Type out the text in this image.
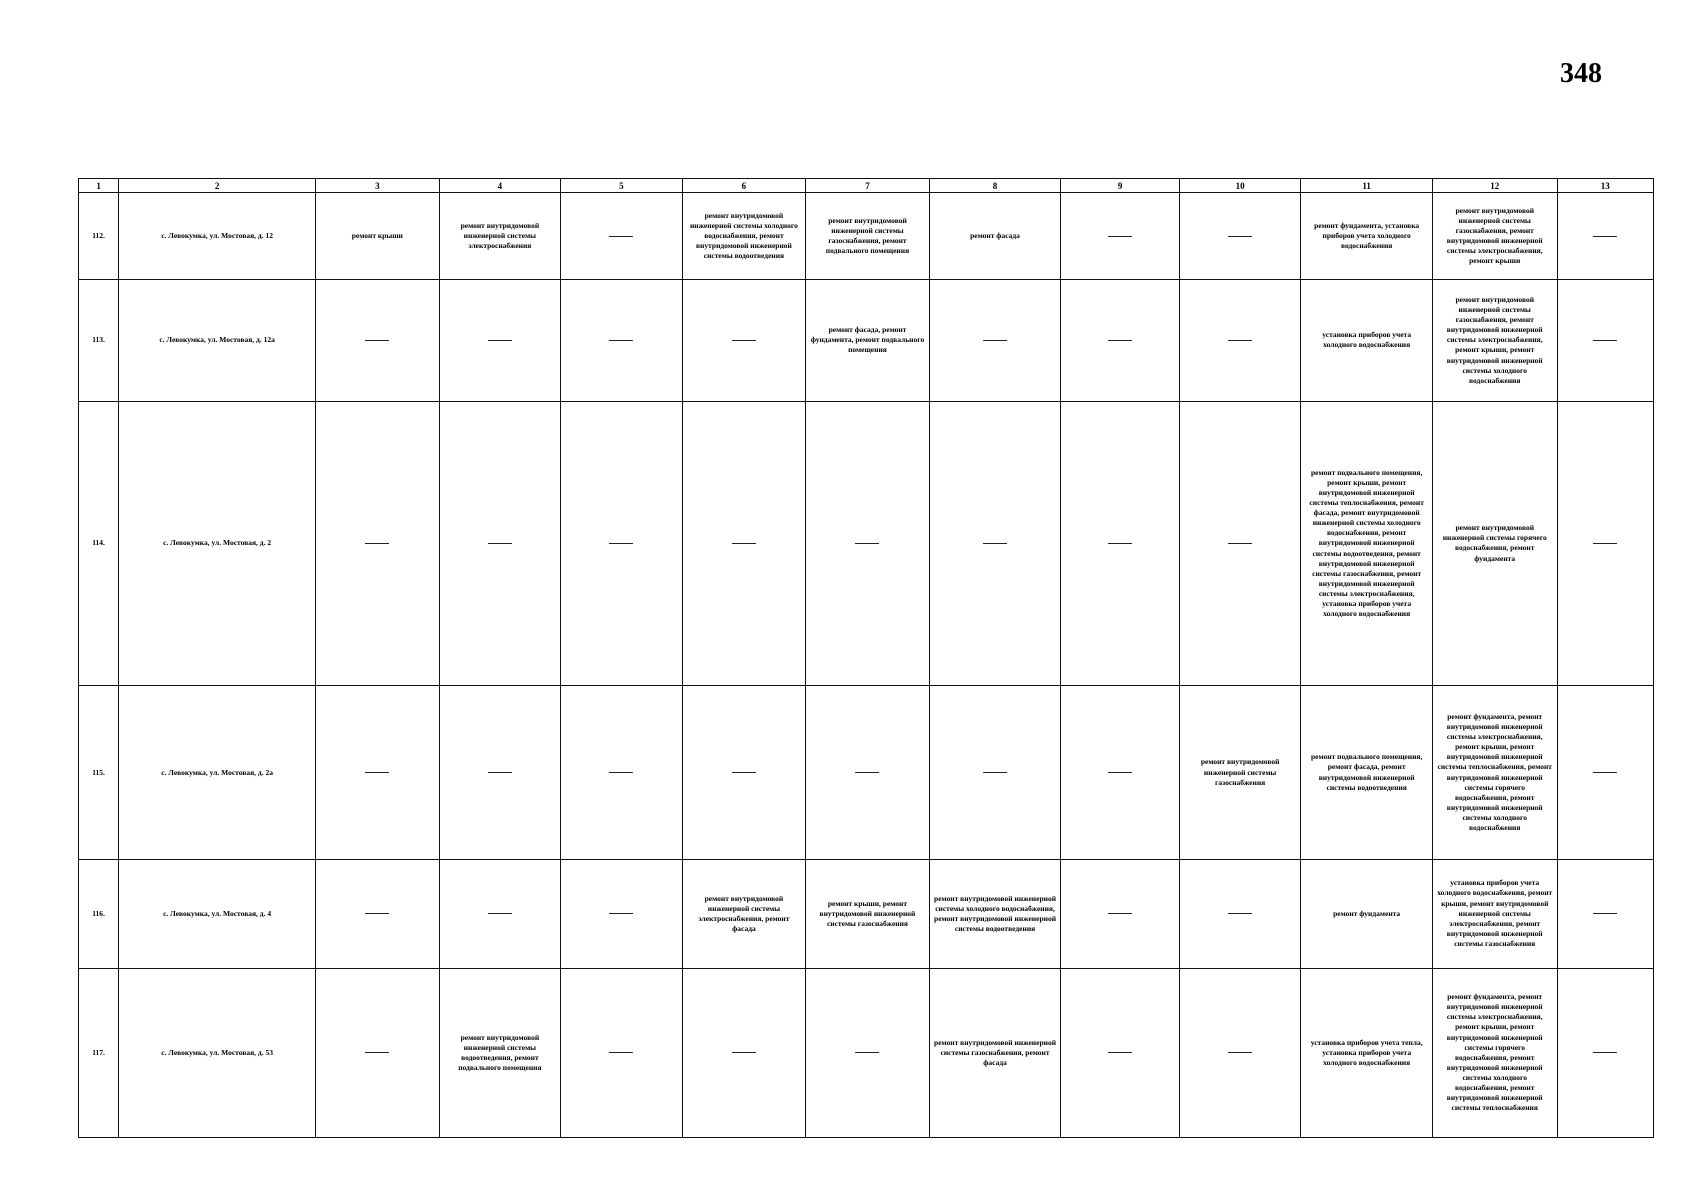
348
1	2	3	4	5	6	7	8	9	10	11	12	13
112.	с. Левокумка, ул. Мостовая, д. 12	ремонт крыши	ремонт внутридомовой инженерной системы электроснабжения		ремонт внутридомовой инженерной системы холодного водоснабжения, ремонт внутридомовой инженерной системы водоотведения	ремонт внутридомовой инженерной системы газоснабжения, ремонт подвального помещения	ремонт фасада			ремонт фундамента, установка приборов учета холодного водоснабжения	ремонт внутридомовой инженерной системы газоснабжения, ремонт внутридомовой инженерной системы электроснабжения, ремонт крыши	
113.	с. Левокумка, ул. Мостовая, д. 12а					ремонт фасада, ремонт фундамента, ремонт подвального помещения				установка приборов учета холодного водоснабжения	ремонт внутридомовой инженерной системы газоснабжения, ремонт внутридомовой инженерной системы электроснабжения, ремонт крыши, ремонт внутридомовой инженерной системы холодного водоснабжения	
114.	с. Левокумка, ул. Мостовая, д. 2									ремонт подвального помещения, ремонт крыши, ремонт внутридомовой инженерной системы теплоснабжения, ремонт фасада, ремонт внутридомовой инженерной системы холодного водоснабжения, ремонт внутридомовой инженерной системы водоотведения, ремонт внутридомовой инженерной системы газоснабжения, ремонт внутридомовой инженерной системы электроснабжения, установка приборов учета холодного водоснабжения	ремонт внутридомовой инженерной системы горячего водоснабжения, ремонт фундамента	
115.	с. Левокумка, ул. Мостовая, д. 2а								ремонт внутридомовой инженерной системы газоснабжения	ремонт подвального помещения, ремонт фасада, ремонт внутридомовой инженерной системы водоотведения	ремонт фундамента, ремонт внутридомовой инженерной системы электроснабжения, ремонт крыши, ремонт внутридомовой инженерной системы теплоснабжения, ремонт внутридомовой инженерной системы горячего водоснабжения, ремонт внутридомовой инженерной системы холодного водоснабжения	
116.	с. Левокумка, ул. Мостовая, д. 4				ремонт внутридомовой инженерной системы электроснабжения, ремонт фасада	ремонт крыши, ремонт внутридомовой инженерной системы газоснабжения	ремонт внутридомовой инженерной системы холодного водоснабжения, ремонт внутридомовой инженерной системы водоотведения			ремонт фундамента	установка приборов учета холодного водоснабжения, ремонт крыши, ремонт внутридомовой инженерной системы электроснабжения, ремонт внутридомовой инженерной системы газоснабжения	
117.	с. Левокумка, ул. Мостовая, д. 53		ремонт внутридомовой инженерной системы водоотведения, ремонт подвального помещения				ремонт внутридомовой инженерной системы газоснабжения, ремонт фасада			установка приборов учета тепла, установка приборов учета холодного водоснабжения	ремонт фундамента, ремонт внутридомовой инженерной системы электроснабжения, ремонт крыши, ремонт внутридомовой инженерной системы горячего водоснабжения, ремонт внутридомовой инженерной системы холодного водоснабжения, ремонт внутридомовой инженерной системы теплоснабжения	
